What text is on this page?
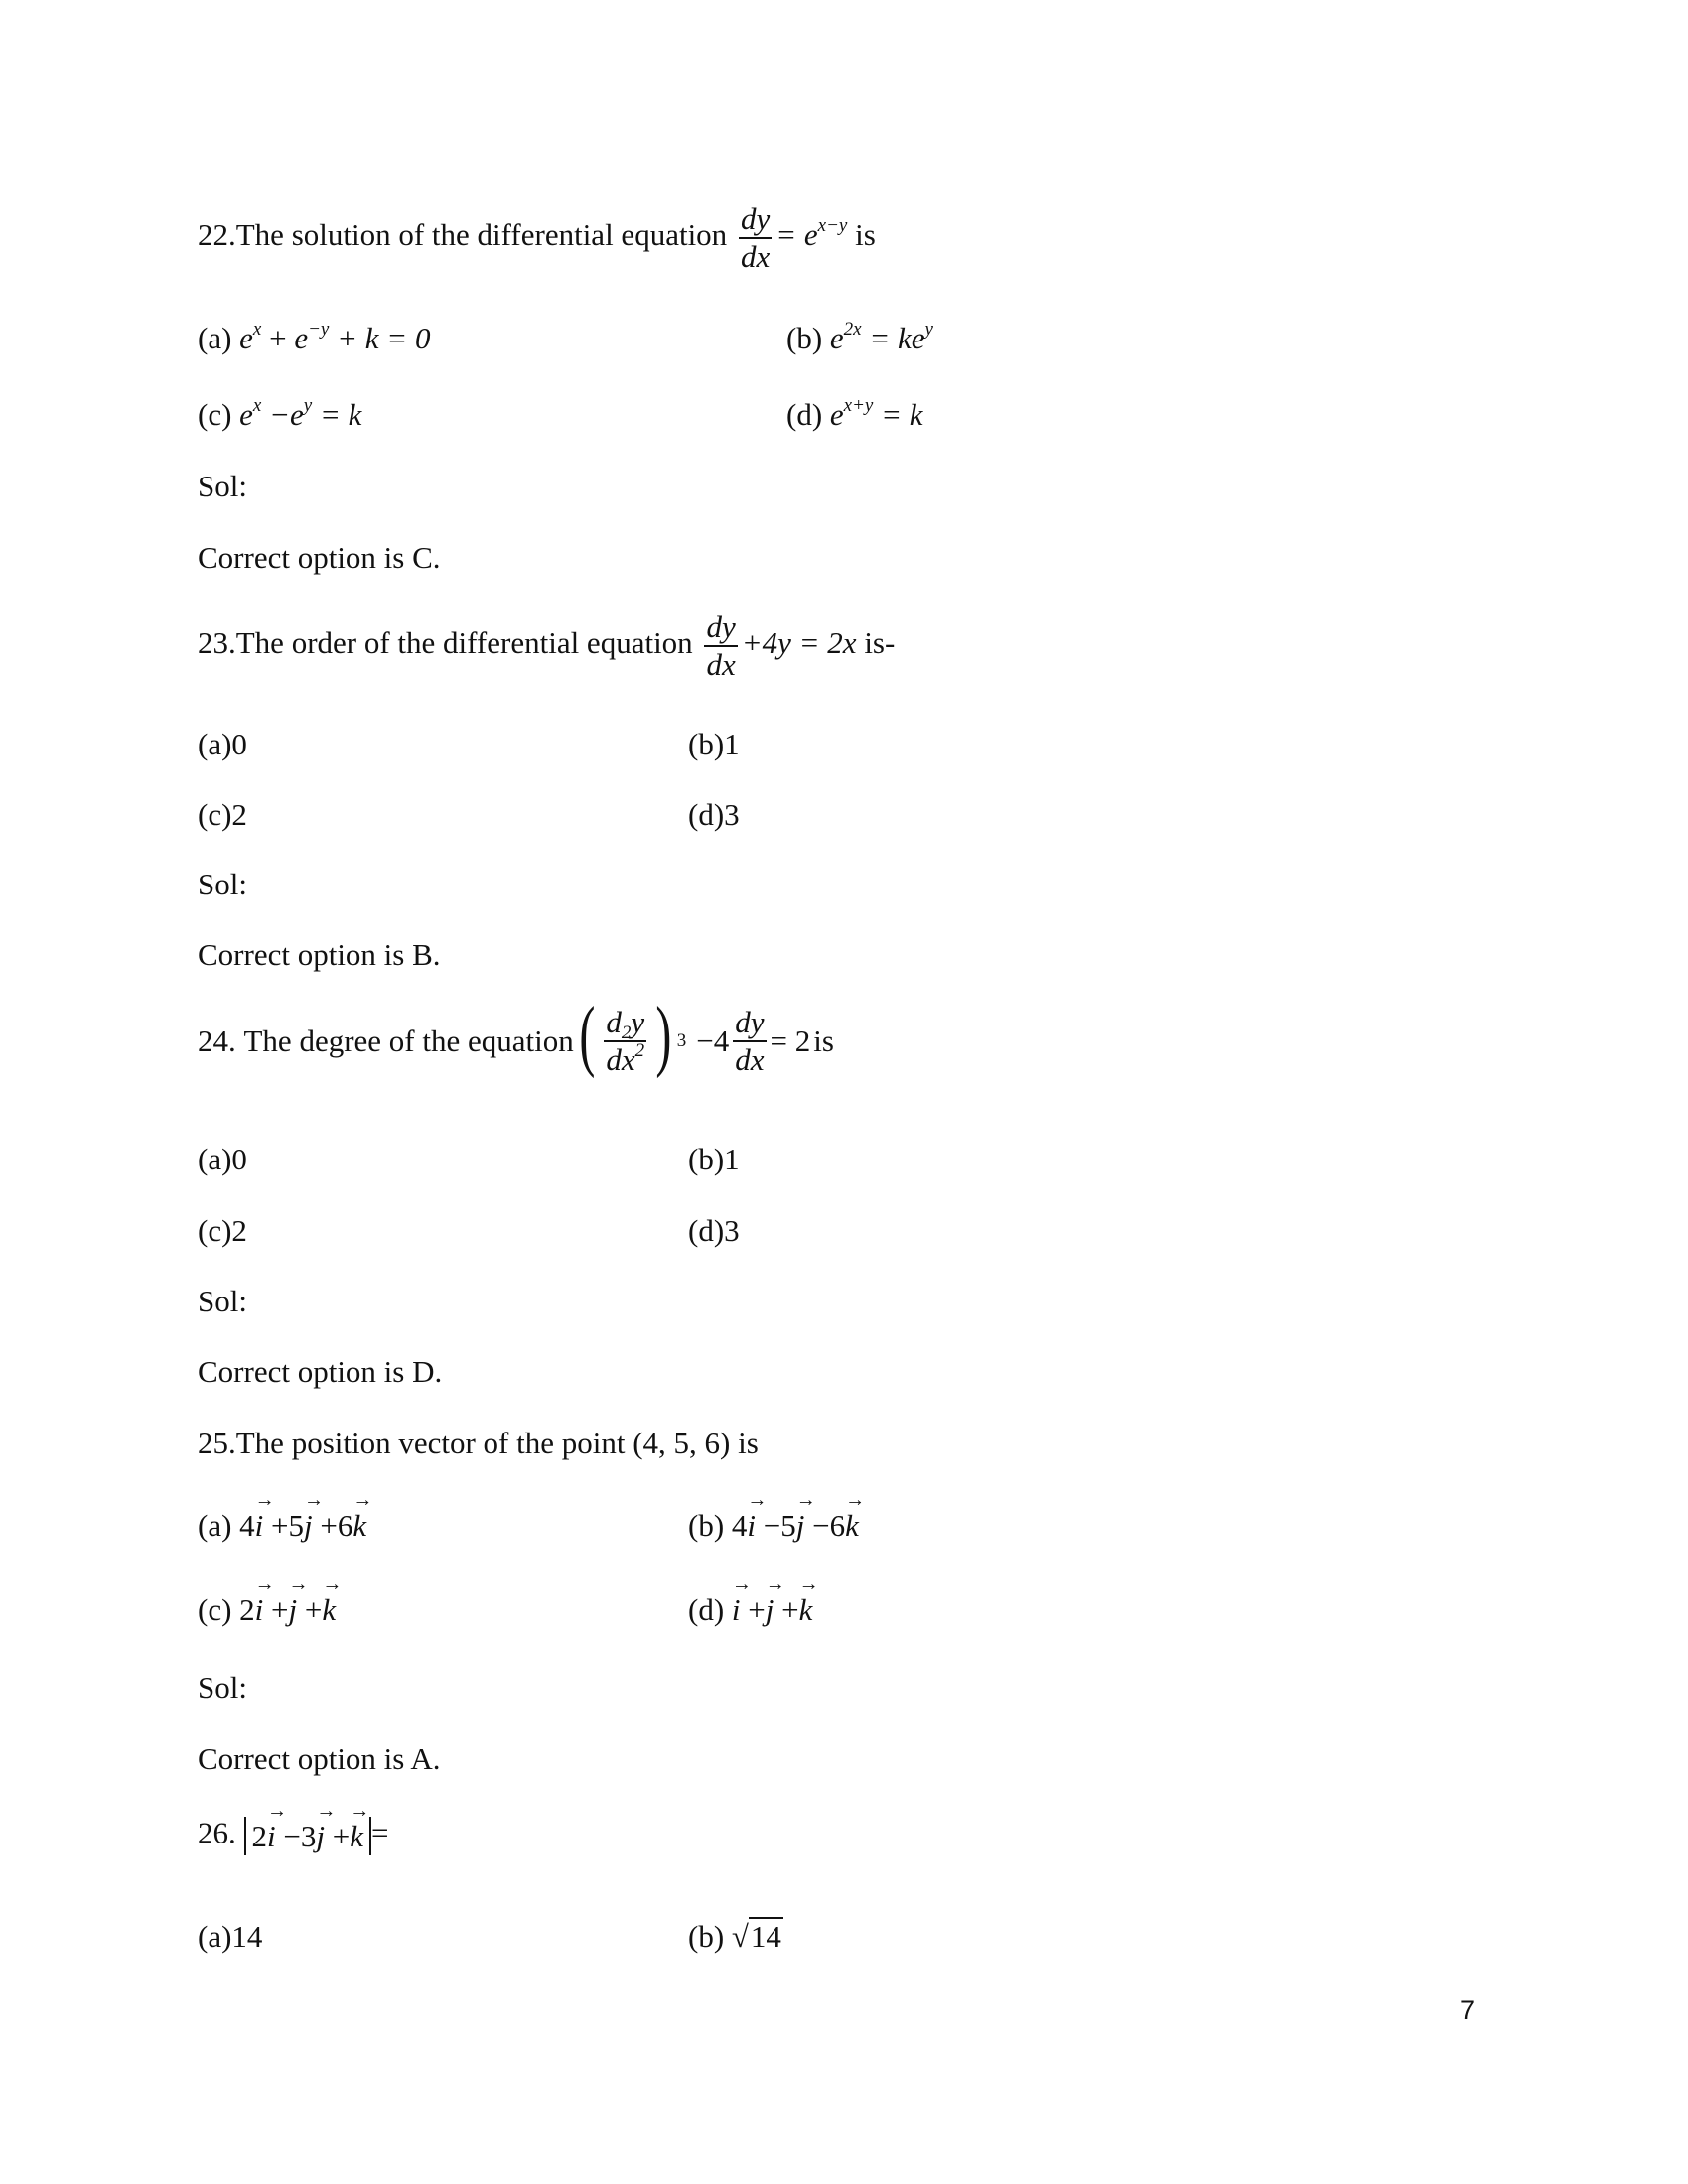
22.The solution of the differential equation $\frac{dy}{dx} = e^{x-y}$ is
(a) $e^x + e^{-y} + k = 0$	(b) $e^{2x} = ke^y$
(c) $e^x -e^y = k$	(d) $e^{x+y} = k$
Sol:
Correct option is C.
23.The order of the differential equation $\frac{dy}{dx} +4y = 2x$ is-
(a)0	(b)1
(c)2	(d)3
Sol:
Correct option is B.
24.
The degree of the equation ( $\frac{d_2y}{dx^2}$ ) $3 -4 \frac{dy}{dx} = 2$ is
(a)0	(b)1
(c)2	(d)3
Sol:
Correct option is D.
25.The position vector of the point (4, 5, 6) is
(a) 4→ i +5→ j +6→ k	(b) 4→ i −5→ j −6→ k
(c) 2→ i +→ j +→ k	(d) → i +→ j +→ k
Sol:
Correct option is A.
26. 2→ i −3→ j +→ k =
(a)14	(b) √14
7
